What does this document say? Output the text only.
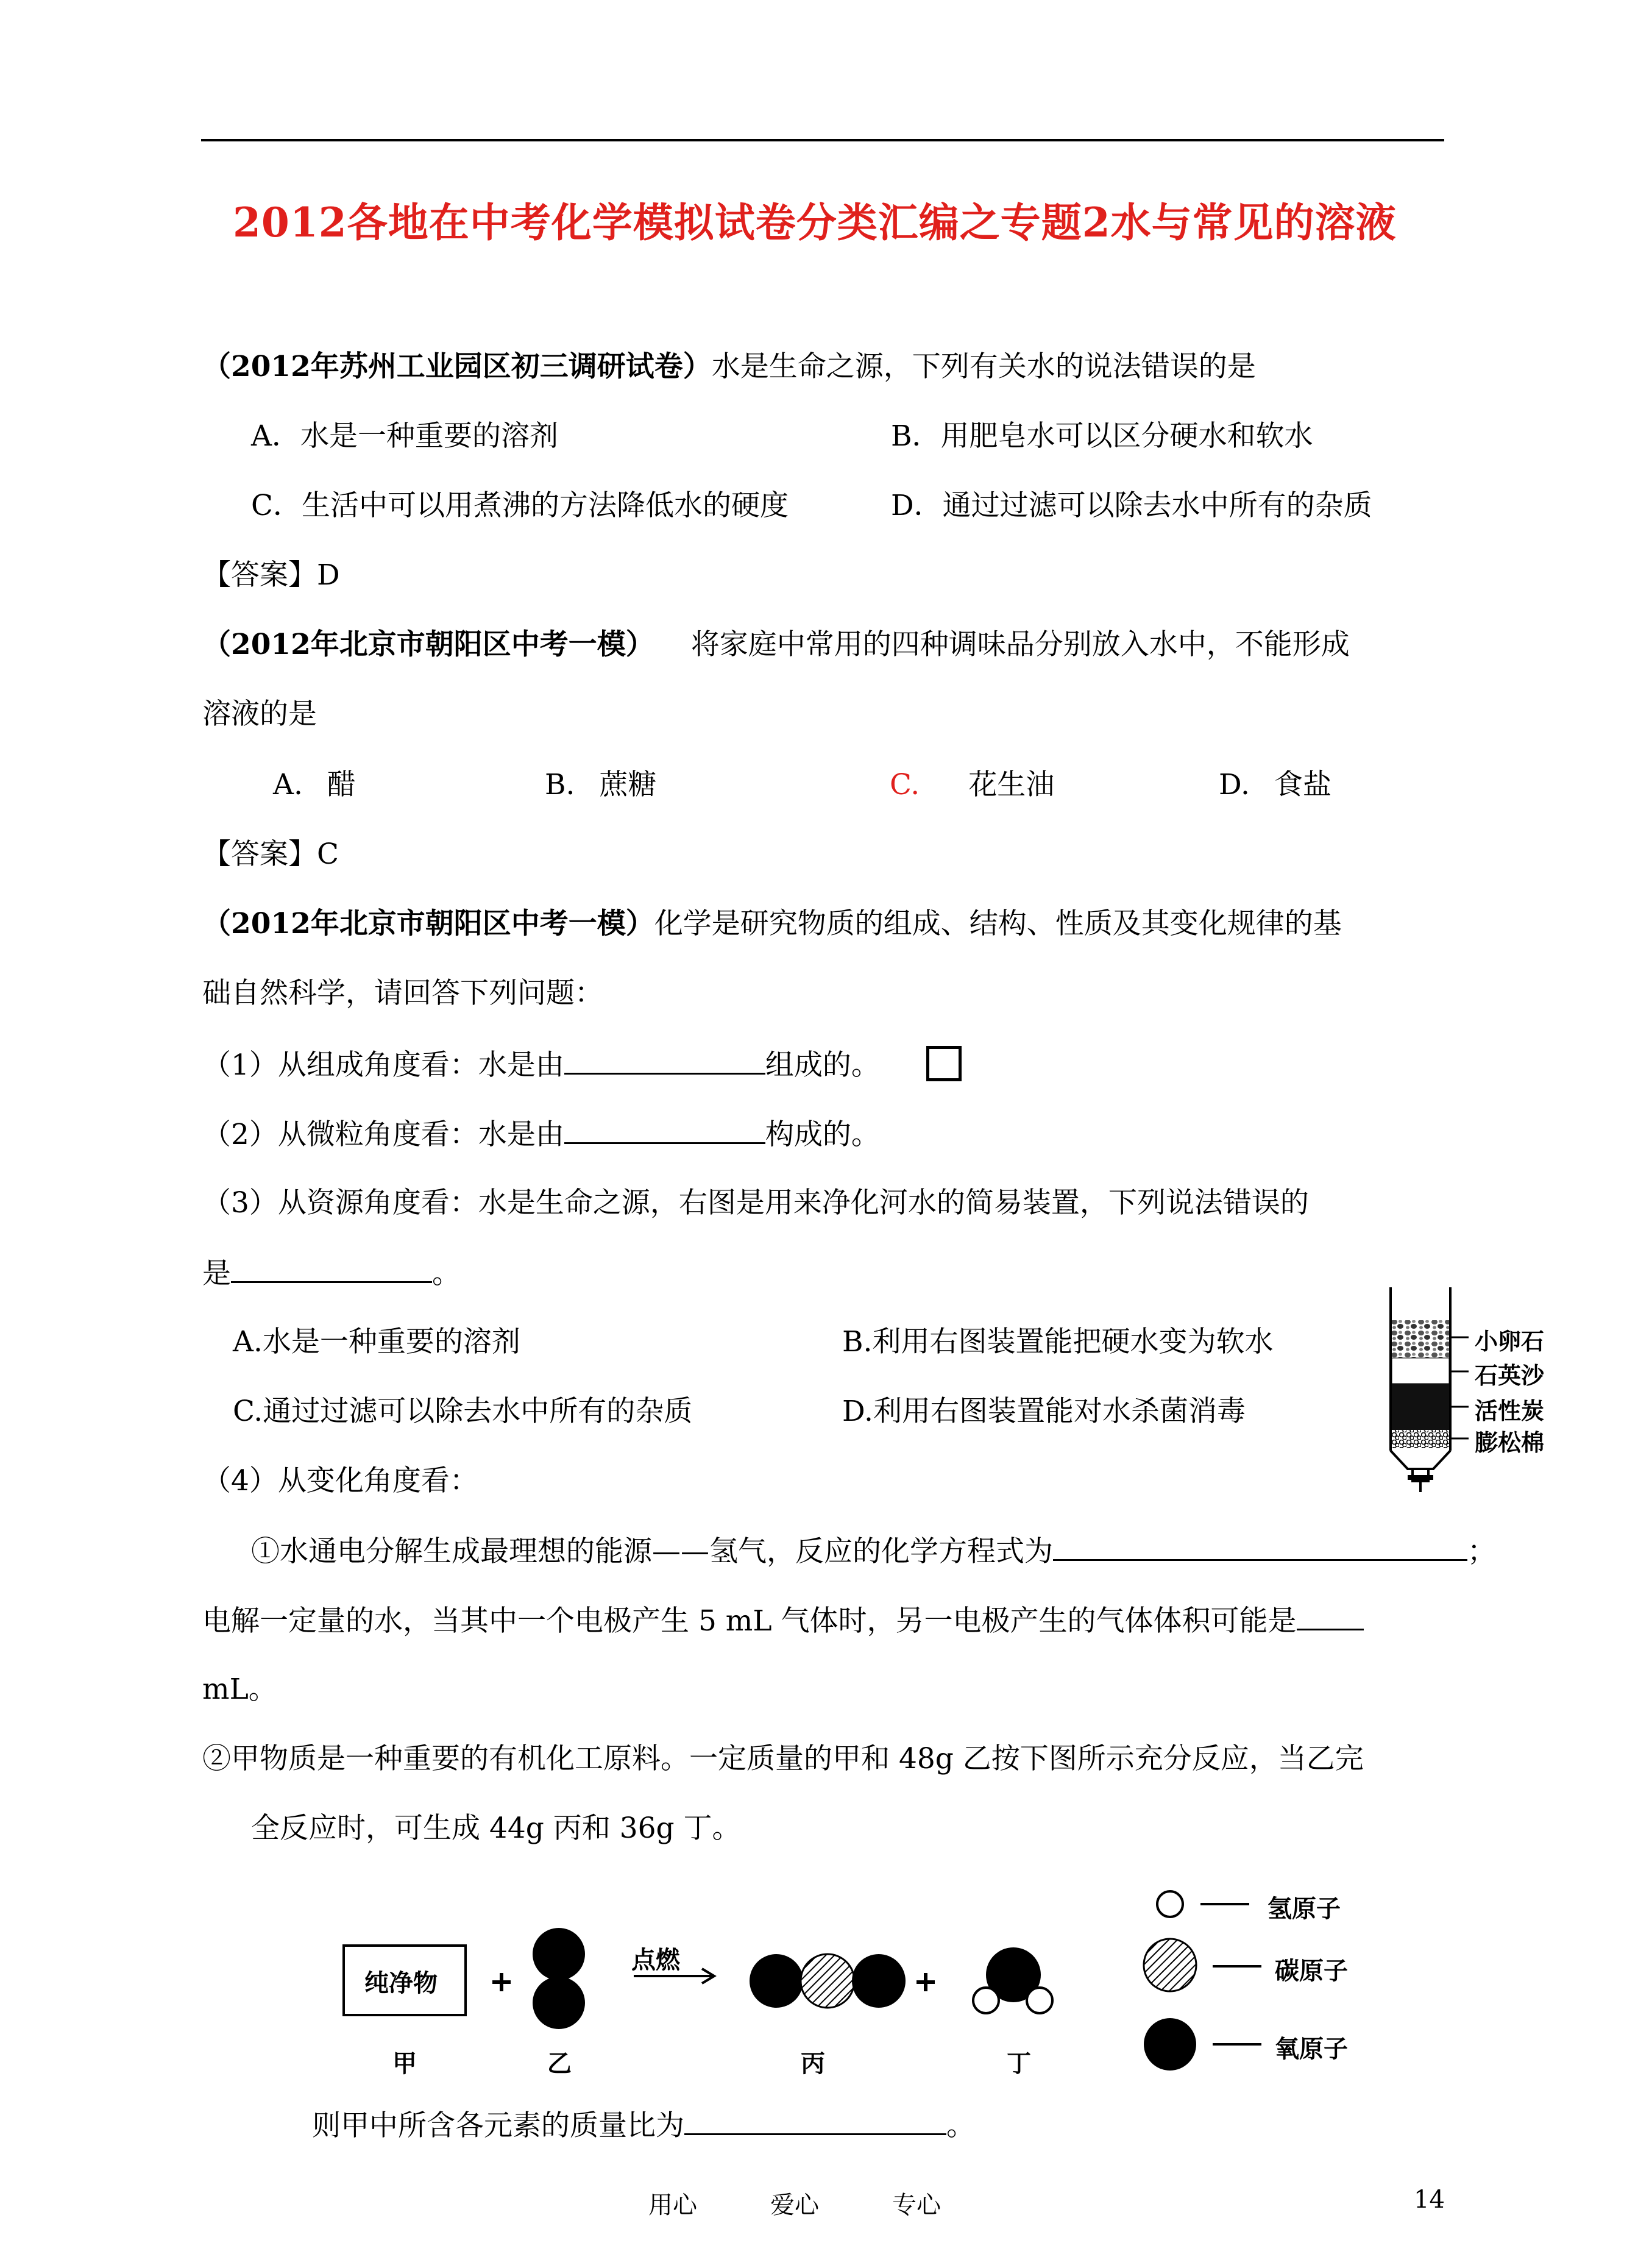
2012各地在中考化学模拟试卷分类汇编之专题2水与常见的溶液
（2012年苏州工业园区初三调研试卷）水是生命之源，下列有关水的说法错误的是
A．水是一种重要的溶剂	B．用肥皂水可以区分硬水和软水
C．生活中可以用煮沸的方法降低水的硬度	D．通过过滤可以除去水中所有的杂质
【答案】D
（2012年北京市朝阳区中考一模） 将家庭中常用的四种调味品分别放入水中，不能形成
溶液的是
A. 醋	B. 蔗糖	C. 花生油	D. 食盐
【答案】C
（2012年北京市朝阳区中考一模）化学是研究物质的组成、结构、性质及其变化规律的基
础自然科学，请回答下列问题：
（1）从组成角度看：水是由	组成的。
（2）从微粒角度看：水是由	构成的。
（3）从资源角度看：水是生命之源，右图是用来净化河水的简易装置，下列说法错误的
是	。
A.水是一种重要的溶剂	B.利用右图装置能把硬水变为软水
C.通过过滤可以除去水中所有的杂质	D.利用右图装置能对水杀菌消毒
小卵石
石英沙
活性炭
膨松棉
（4）从变化角度看：
①水通电分解生成最理想的能源——氢气，反应的化学方程式为	；
电解一定量的水，当其中一个电极产生 5 mL 气体时，另一电极产生的气体体积可能是
mL。
②甲物质是一种重要的有机化工原料。一定质量的甲和 48g 乙按下图所示充分反应，当乙完
全反应时，可生成 44g 丙和 36g 丁。
纯净物
点燃
甲	乙	丙	丁
氢原子
碳原子
氧原子
则甲中所含各元素的质量比为	。
用心	爱心	专心	14
